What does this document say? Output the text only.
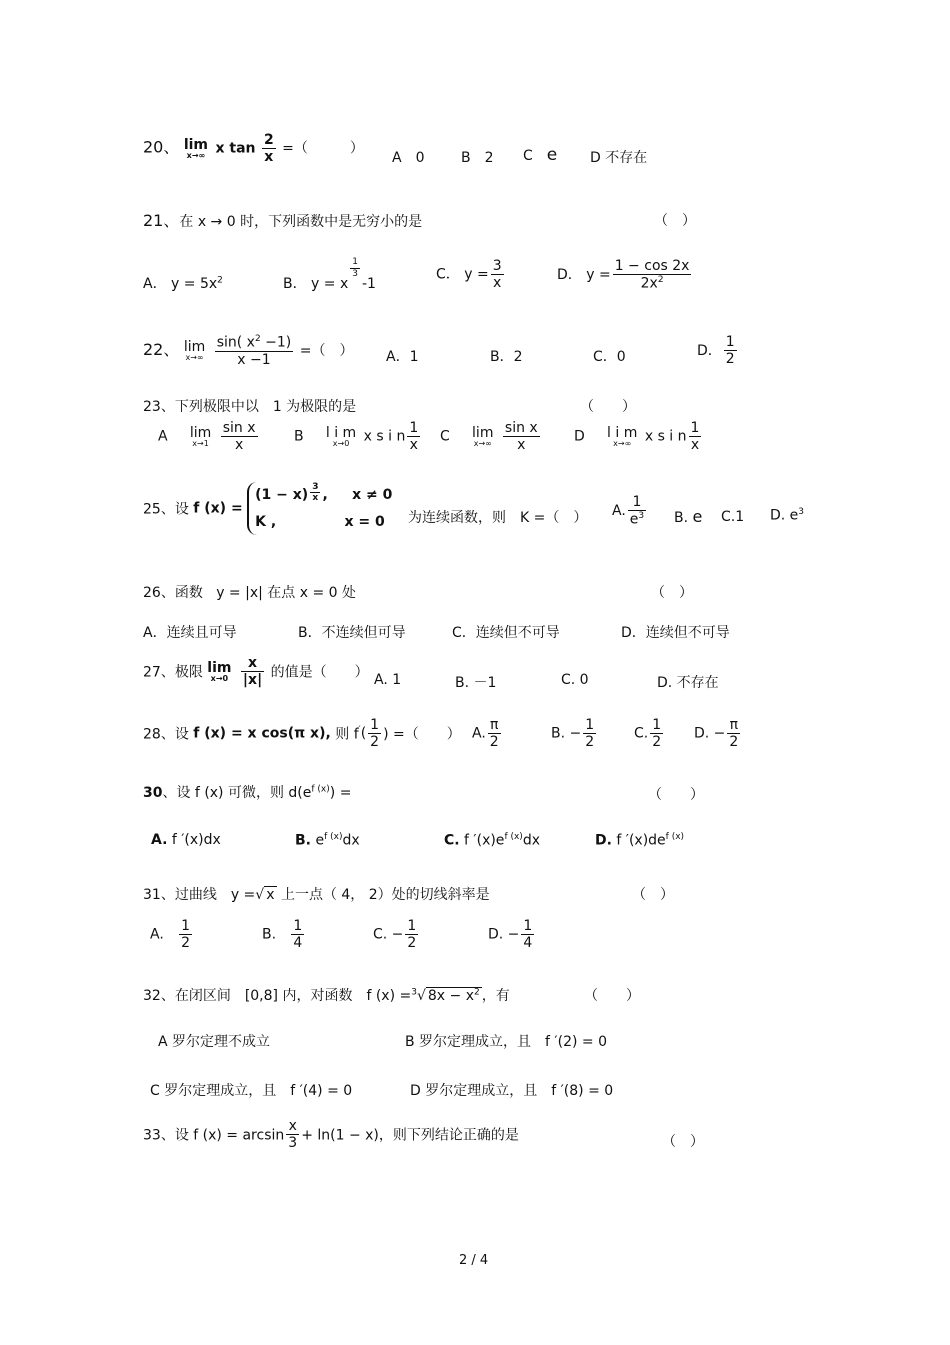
20、 lim
x→∞ x $\tan \frac{2}{x}$ =（　　　）
A　0	B　2 C　e D 不存在
21、在 x → 0 时，下列函数中是无穷小的是	（　）
A． $y = 5x^2$	B． y = x
$\frac{1}{3}$
-1
C． $y = \frac{3}{x}$	D． $y = \frac{1 - \cos 2x}{2x^2}$
22、 lim
x→∞
$\frac{\sin( x^2 -1)}{x -1}$ =（　） A．1	B．2	C．0	D． $\frac{1}{2}$
23、下列极限中以　1 为极限的是	（　　）
A lim
x→1
$\frac{\text{sin x}}{x}$	B l i m
x→0	x s i n $\frac{1}{x}$ C lim
x→∞
$\frac{\text{sin x}}{x}$ D l i m
x→∞ x s i n $\frac{1}{x}$
25、设 f (x) =
(1 − x) $^{\frac{3}{x}}$ ,     x ≠ 0
K ,	x = 0	为连续函数，则　K =（　） A. $\frac{1}{e^3} B$. e C.1 D. $e^3$
26、函数 y = |x| 在点 x = 0 处	（　）
A．连续且可导	B．不连续但可导	C．连续但不可导	D．连续但不可导
27、极限 lim
x→0
$\frac{x}{|x|}$ 的值是（　　） A. 1	B. －1	C. 0	D. 不存在
28、设 f (x) = x cos(π x), 则 $f'( \frac{1}{2}$ ) =（　　） A. $\frac{\pi}{2}$	B. − $\frac{1}{2}$	C. $\frac{1}{2} D$. − $\frac{\pi}{2}$
30、设 f (x) 可微，则 $d(e^{f (x)})$ =	（　　）
A. f ′(x)dx	B. $e^{f (x)}dx$	C. f $'(x)e^{f (x)}dx$	D. f $'(x)de^{f (x)}$
31、过曲线　y =√ x 上一点（ 4， 2）处的切线斜率是	（　）
A. $\frac{1}{2}$	B. $\frac{1}{4}$	C. − $\frac{1}{2}$	D. − $\frac{1}{4}$
32、在闭区间　[0,8] 内，对函数　f (x) =$^3$√ $8x - x^2$ ，有	（　　）
A 罗尔定理不成立	B 罗尔定理成立，且　f ′(2) = 0
C 罗尔定理成立，且　f ′(4) = 0	D 罗尔定理成立，且　f ′(8) = 0
33、设 f $(x) = \arcsin \frac{x}{3} + \ln(1 - x)$，则下列结论正确的是	（　）
2 / 4
